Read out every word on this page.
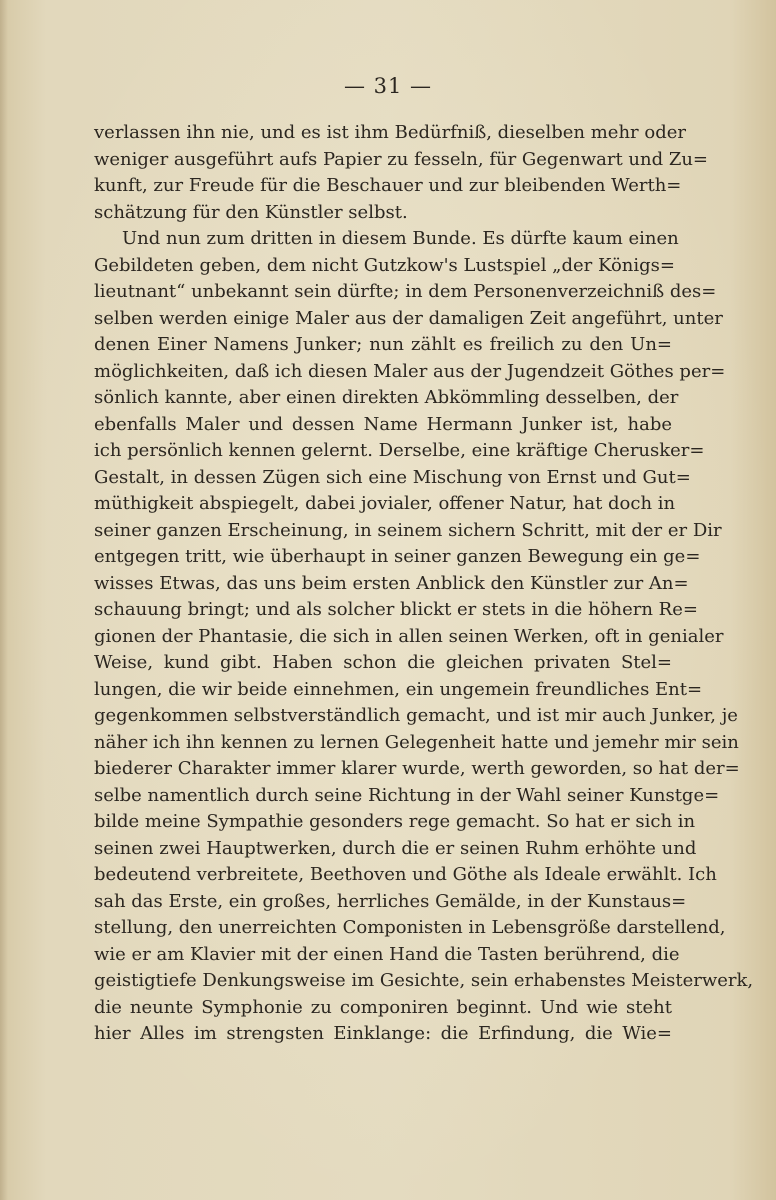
— 31 —
verlassen ihn nie, und es ist ihm Bedürfniß, dieselben mehr oder
weniger ausgeführt aufs Papier zu fesseln, für Gegenwart und Zu=
kunft, zur Freude für die Beschauer und zur bleibenden Werth=
schätzung für den Künstler selbst.
Und nun zum dritten in diesem Bunde. Es dürfte kaum einen
Gebildeten geben, dem nicht Gutzkow's Lustspiel „der Königs=
lieutnant“ unbekannt sein dürfte; in dem Personenverzeichniß des=
selben werden einige Maler aus der damaligen Zeit angeführt, unter
denen Einer Namens Junker; nun zählt es freilich zu den Un=
möglichkeiten, daß ich diesen Maler aus der Jugendzeit Göthes per=
sönlich kannte, aber einen direkten Abkömmling desselben, der
ebenfalls Maler und dessen Name Hermann Junker ist, habe
ich persönlich kennen gelernt. Derselbe, eine kräftige Cherusker=
Gestalt, in dessen Zügen sich eine Mischung von Ernst und Gut=
müthigkeit abspiegelt, dabei jovialer, offener Natur, hat doch in
seiner ganzen Erscheinung, in seinem sichern Schritt, mit der er Dir
entgegen tritt, wie überhaupt in seiner ganzen Bewegung ein ge=
wisses Etwas, das uns beim ersten Anblick den Künstler zur An=
schauung bringt; und als solcher blickt er stets in die höhern Re=
gionen der Phantasie, die sich in allen seinen Werken, oft in genialer
Weise, kund gibt. Haben schon die gleichen privaten Stel=
lungen, die wir beide einnehmen, ein ungemein freundliches Ent=
gegenkommen selbstverständlich gemacht, und ist mir auch Junker, je
näher ich ihn kennen zu lernen Gelegenheit hatte und jemehr mir sein
biederer Charakter immer klarer wurde, werth geworden, so hat der=
selbe namentlich durch seine Richtung in der Wahl seiner Kunstge=
bilde meine Sympathie gesonders rege gemacht. So hat er sich in
seinen zwei Hauptwerken, durch die er seinen Ruhm erhöhte und
bedeutend verbreitete, Beethoven und Göthe als Ideale erwählt. Ich
sah das Erste, ein großes, herrliches Gemälde, in der Kunstaus=
stellung, den unerreichten Componisten in Lebensgröße darstellend,
wie er am Klavier mit der einen Hand die Tasten berührend, die
geistigtiefe Denkungsweise im Gesichte, sein erhabenstes Meisterwerk,
die neunte Symphonie zu componiren beginnt. Und wie steht
hier Alles im strengsten Einklange: die Erfindung, die Wie=
